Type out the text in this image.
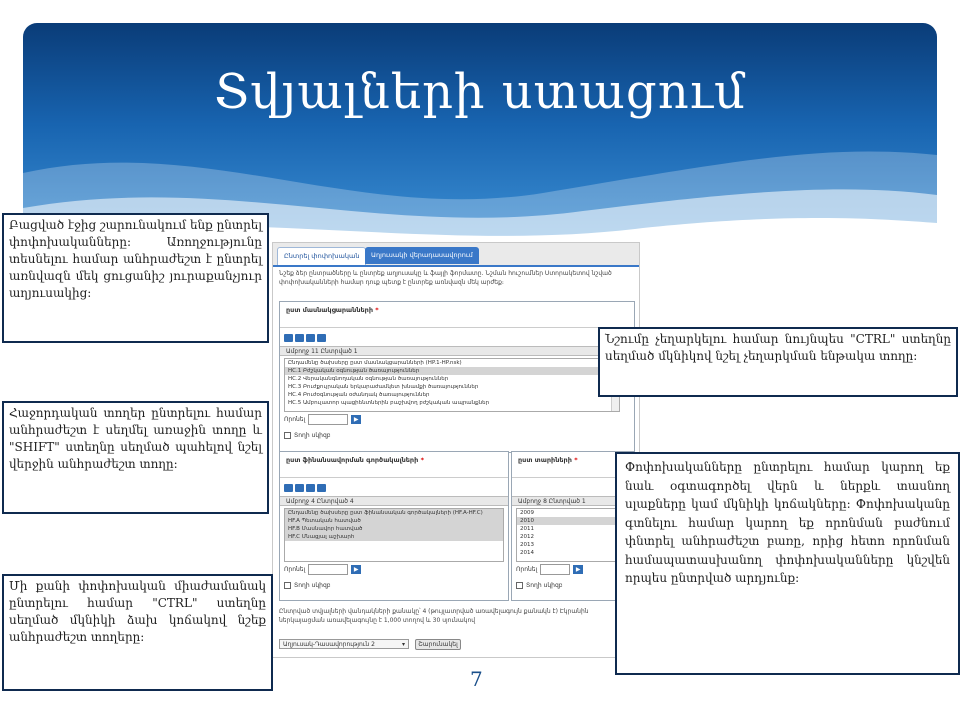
Տվյալների ստացում
Ընտրել փոփոխական	Աղյուսակի վերադասավորում
Նշեք ձեր ընտրածները և ընտրեք աղյուսակը և ֆայլի ֆորմատը․ Նշման հուշումներ Ստորակետով նշված փոփոխականների համար դուք պետք է ընտրեք առնվազն մեկ արժեք։
ըստ մասնակցարանների *
Ամբողջ 11 Ընտրված 1
Ընդամենը ծախսերը ըստ մասնակցարանների (HP.1-HP.nsk)
HC.1 Բժշկական օգնության ծառայություններ
HC.2 Վերականգնողական օգնության ծառայություններ
HC.3 Բուժքույրական երկարաժամկետ խնամքի ծառայություններ
HC.4 Բուժօգնության օժանդակ ծառայություններ
HC.5 Ամբուլատոր պացիենտներին բաշխվող բժշկական ապրանքներ
Որոնել	▶
Տողի սկիզբ
ըստ ֆինանսավորման գործակալների *
Ամբողջ 4 Ընտրված 4
Ընդամենը ծախսերը ըստ ֆինանսական գործակալների (HF.A-HF.C)
HF.A Պետական հատված
HF.B Մասնավոր հատված
HF.C Մնացյալ աշխարհ
Որոնել	▶
Տողի սկիզբ
ըստ տարիների *
Ամբողջ 8 Ընտրված 1
2009
2010
2011
2012
2013
2014
Որոնել	▶
Տողի սկիզբ
Ընտրված տվյալների վանդակների քանակը՝ 4 (թույլատրված առավելագույն քանակն է) Էկրանին ներկայացման առավելագույնը է 1,000 տողով և 30 սյունակով
Աղյուսակ-Դասավորություն 2	▾	Շարունակել
Բացված էջից շարունակում ենք ընտրել փոփոխականները: Առողջությունը տեսնելու համար անհրաժեշտ է ընտրել առնվազն մեկ ցուցանիշ յուրաքանչյուր աղյուսակից:
Հաջորդական տողեր ընտրելու համար անհրաժեշտ է սեղմել առաջին տողը և "SHIFT" ստեղնը սեղմած պահելով նշել վերջին անհրաժեշտ տողը:
Մի քանի փոփոխական միաժամանակ ընտրելու համար "CTRL" ստեղնը սեղմած մկնիկի ձախ կոճակով նշեք անհրաժեշտ տողերը:
Նշումը չեղարկելու համար նույնպես "CTRL" ստեղնը սեղմած մկնիկով նշել չեղարկման ենթակա տողը:
Փոփոխականները ընտրելու համար կարող եք նաև օգտագործել վերն և ներքև տասնող սլաքները կամ մկնիկի կոճակները: Փոփոխականը գտնելու համար կարող եք որոնման բաժնում փնտրել անհրաժեշտ բառը, որից հետո որոնման համապատասխանող փոփոխականները կնշվեն որպես ընտրված արդյունք:
7
